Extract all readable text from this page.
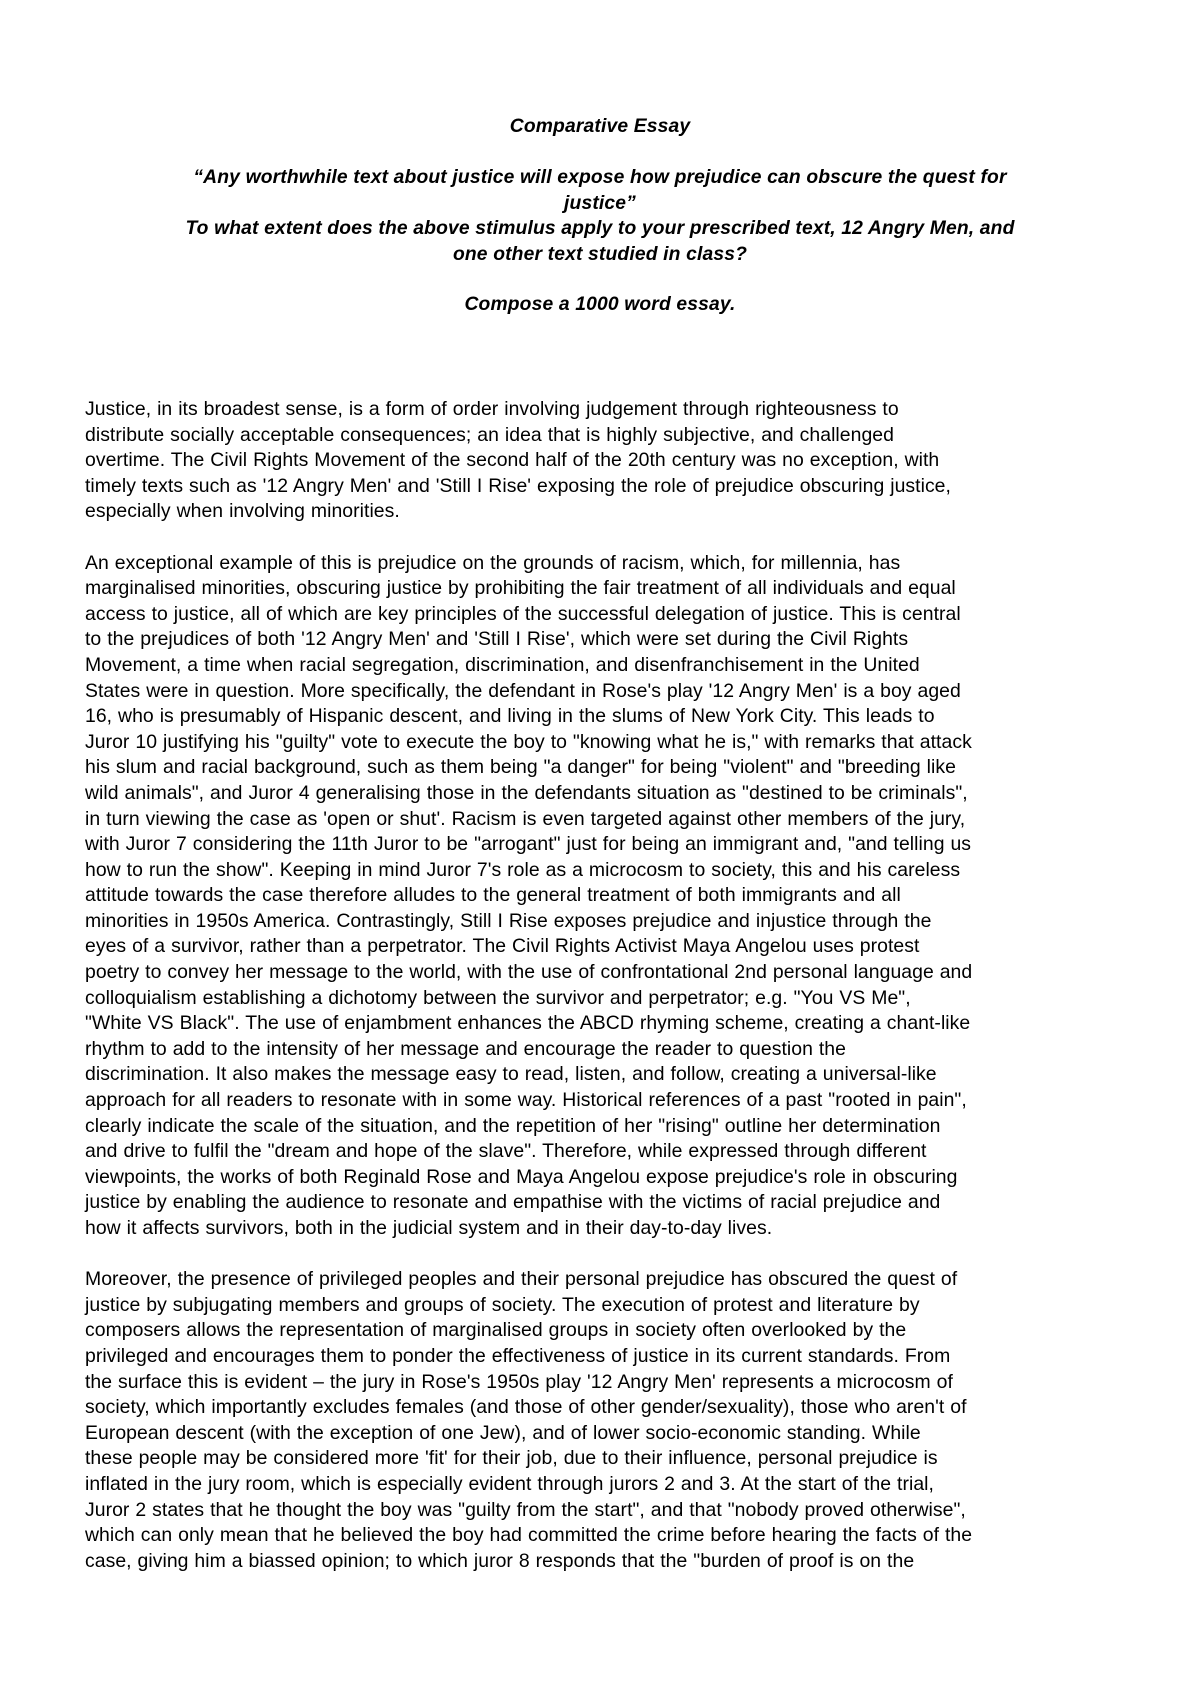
Comparative Essay
“Any worthwhile text about justice will expose how prejudice can obscure the quest for
justice”
To what extent does the above stimulus apply to your prescribed text, 12 Angry Men, and
one other text studied in class?
Compose a 1000 word essay.

Justice, in its broadest sense, is a form of order involving judgement through righteousness to
distribute socially acceptable consequences; an idea that is highly subjective, and challenged
overtime. The Civil Rights Movement of the second half of the 20th century was no exception, with
timely texts such as '12 Angry Men' and 'Still I Rise' exposing the role of prejudice obscuring justice,
especially when involving minorities.

An exceptional example of this is prejudice on the grounds of racism, which, for millennia, has
marginalised minorities, obscuring justice by prohibiting the fair treatment of all individuals and equal
access to justice, all of which are key principles of the successful delegation of justice. This is central
to the prejudices of both '12 Angry Men' and 'Still I Rise', which were set during the Civil Rights
Movement, a time when racial segregation, discrimination, and disenfranchisement in the United
States were in question. More specifically, the defendant in Rose's play '12 Angry Men' is a boy aged
16, who is presumably of Hispanic descent, and living in the slums of New York City. This leads to
Juror 10 justifying his "guilty" vote to execute the boy to "knowing what he is," with remarks that attack
his slum and racial background, such as them being "a danger" for being "violent" and "breeding like
wild animals", and Juror 4 generalising those in the defendants situation as "destined to be criminals",
in turn viewing the case as 'open or shut'. Racism is even targeted against other members of the jury,
with Juror 7 considering the 11th Juror to be "arrogant" just for being an immigrant and, "and telling us
how to run the show". Keeping in mind Juror 7's role as a microcosm to society, this and his careless
attitude towards the case therefore alludes to the general treatment of both immigrants and all
minorities in 1950s America. Contrastingly, Still I Rise exposes prejudice and injustice through the
eyes of a survivor, rather than a perpetrator. The Civil Rights Activist Maya Angelou uses protest
poetry to convey her message to the world, with the use of confrontational 2nd personal language and
colloquialism establishing a dichotomy between the survivor and perpetrator; e.g. "You VS Me",
"White VS Black". The use of enjambment enhances the ABCD rhyming scheme, creating a chant-like
rhythm to add to the intensity of her message and encourage the reader to question the
discrimination. It also makes the message easy to read, listen, and follow, creating a universal-like
approach for all readers to resonate with in some way. Historical references of a past "rooted in pain",
clearly indicate the scale of the situation, and the repetition of her "rising" outline her determination
and drive to fulfil the "dream and hope of the slave". Therefore, while expressed through different
viewpoints, the works of both Reginald Rose and Maya Angelou expose prejudice's role in obscuring
justice by enabling the audience to resonate and empathise with the victims of racial prejudice and
how it affects survivors, both in the judicial system and in their day-to-day lives.

Moreover, the presence of privileged peoples and their personal prejudice has obscured the quest of
justice by subjugating members and groups of society. The execution of protest and literature by
composers allows the representation of marginalised groups in society often overlooked by the
privileged and encourages them to ponder the effectiveness of justice in its current standards. From
the surface this is evident – the jury in Rose's 1950s play '12 Angry Men' represents a microcosm of
society, which importantly excludes females (and those of other gender/sexuality), those who aren't of
European descent (with the exception of one Jew), and of lower socio-economic standing. While
these people may be considered more 'fit' for their job, due to their influence, personal prejudice is
inflated in the jury room, which is especially evident through jurors 2 and 3. At the start of the trial,
Juror 2 states that he thought the boy was "guilty from the start", and that "nobody proved otherwise",
which can only mean that he believed the boy had committed the crime before hearing the facts of the
case, giving him a biassed opinion; to which juror 8 responds that the "burden of proof is on the
